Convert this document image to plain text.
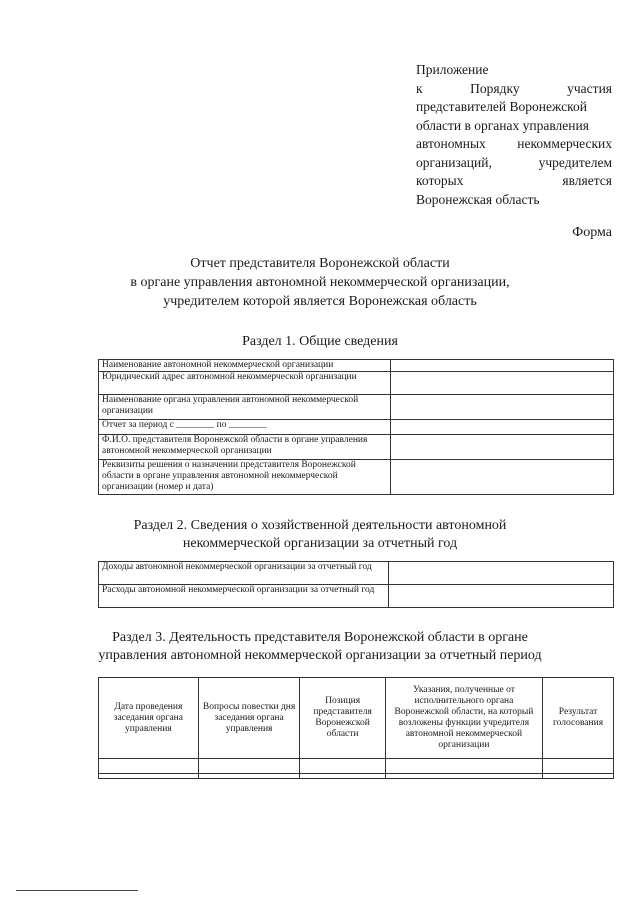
Приложение
к	Порядку	участия
представителей Воронежской
области в органах управления
автономных некоммерческих
организаций,	учредителем
которых	является
Воронежская область
Форма
Отчет представителя Воронежской области
в органе управления автономной некоммерческой организации,
учредителем которой является Воронежская область
Раздел 1. Общие сведения
Наименование автономной некоммерческой организации	
Юридический адрес автономной некоммерческой организации	
Наименование органа управления автономной некоммерческой организации	
Отчет за период с ________ по ________	
Ф.И.О. представителя Воронежской области в органе управления автономной некоммерческой организации	
Реквизиты решения о назначении представителя Воронежской области в органе управления автономной некоммерческой организации (номер и дата)	
Раздел 2. Сведения о хозяйственной деятельности автономной
некоммерческой организации за отчетный год
Доходы автономной некоммерческой организации за отчетный год	
Расходы автономной некоммерческой организации за отчетный год	
Раздел 3. Деятельность представителя Воронежской области в органе
управления автономной некоммерческой организации за отчетный период
Дата проведения заседания органа управления	Вопросы повестки дня заседания органа управления	Позиция представителя Воронежской области	Указания, полученные от исполнительного органа Воронежской области, на который возложены функции учредителя автономной некоммерческой организации	Результат голосования
